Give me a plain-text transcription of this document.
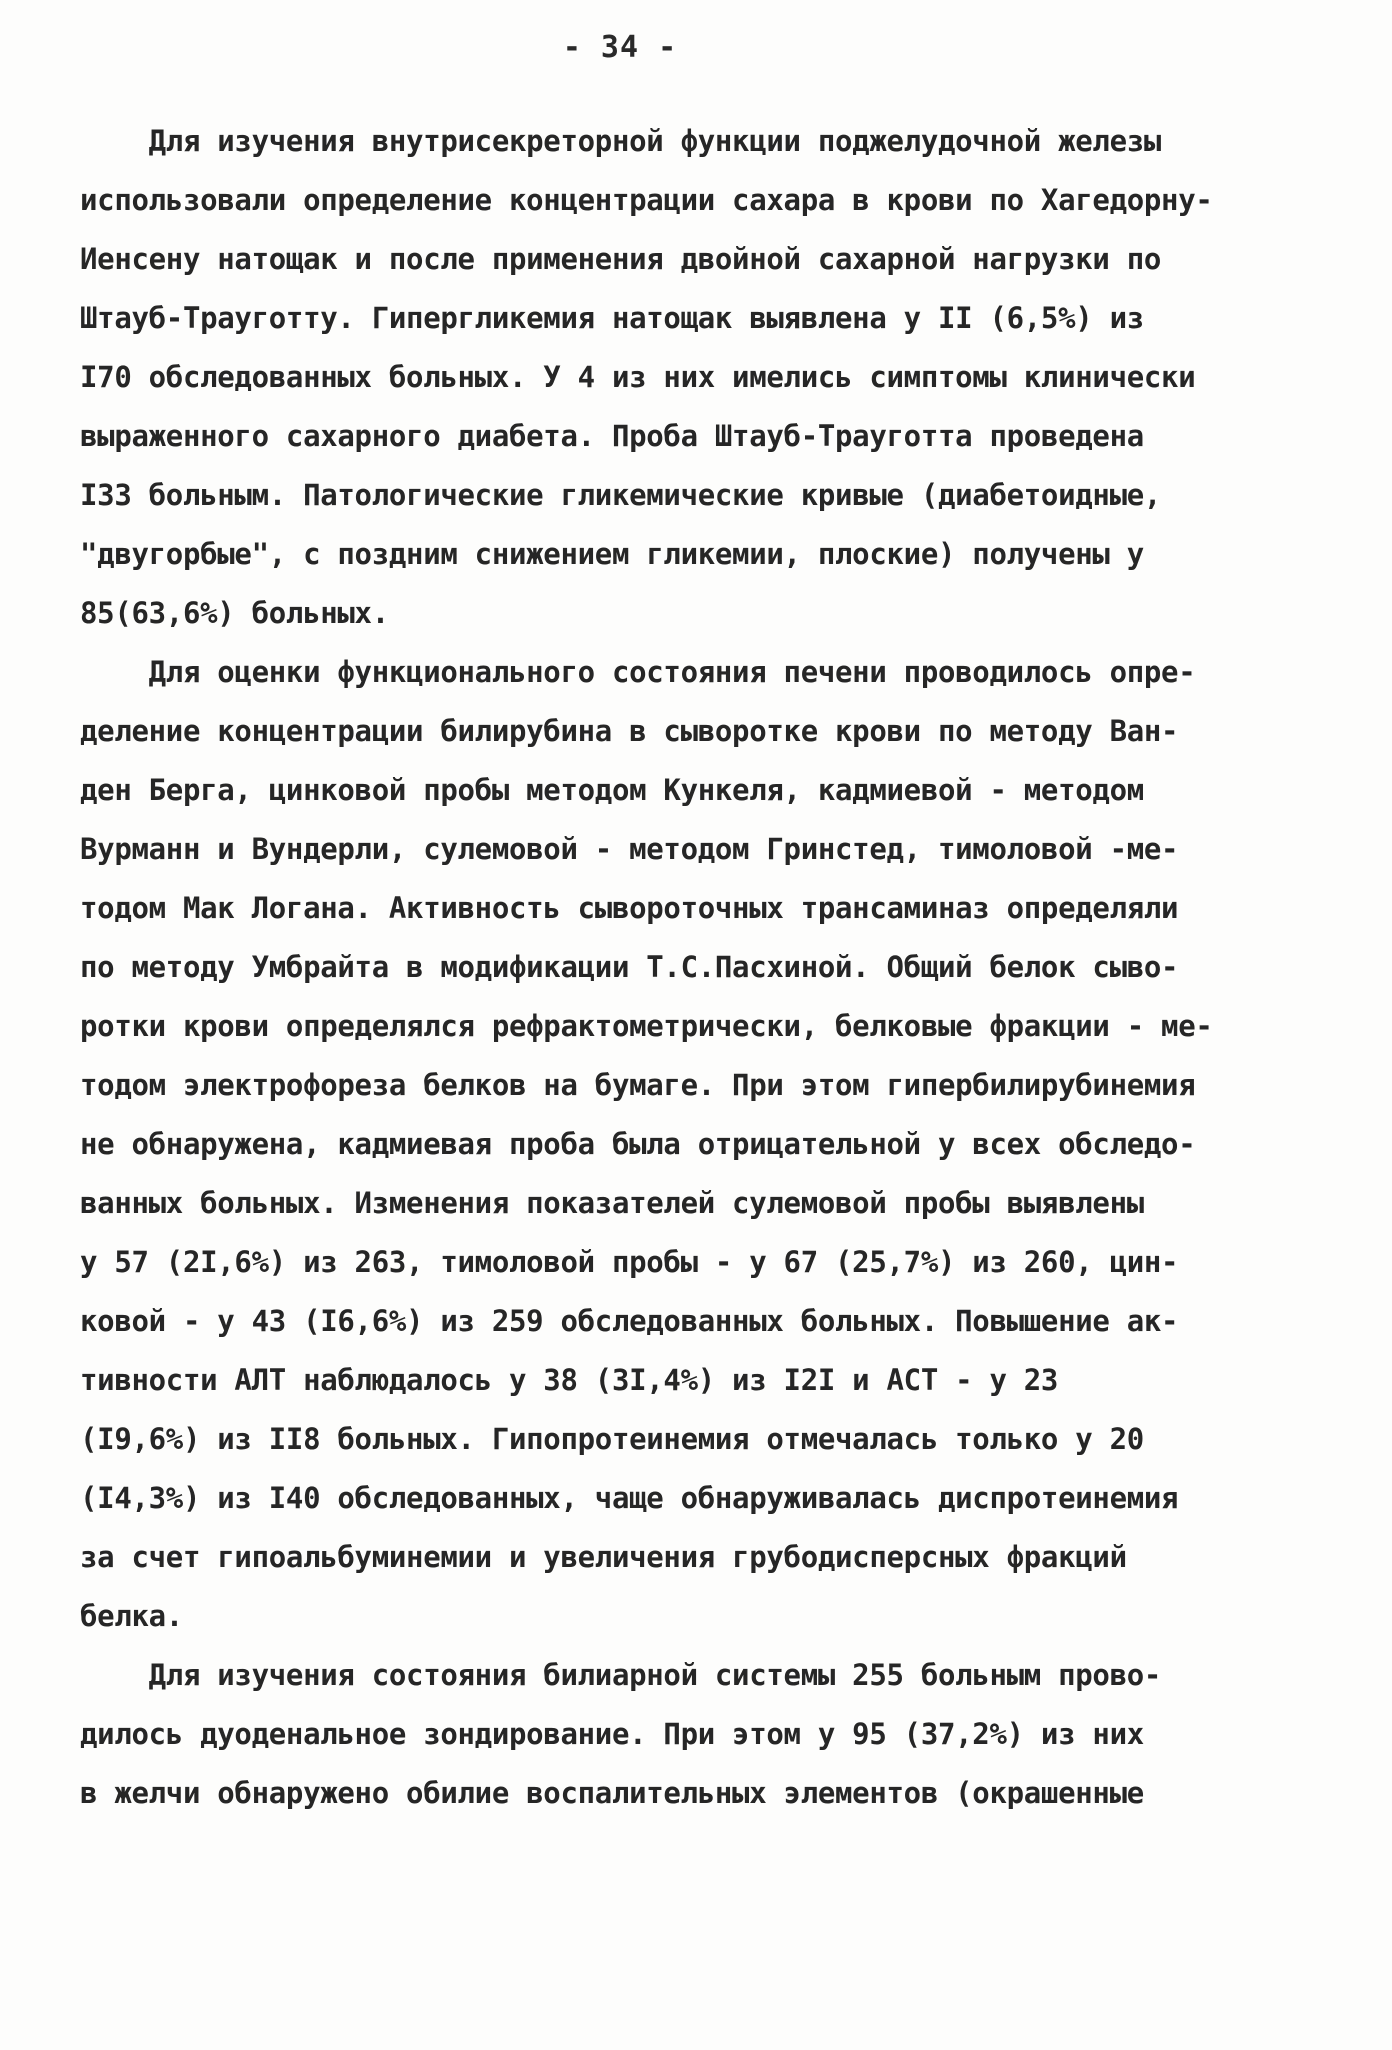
- 34 -
Для изучения внутрисекреторной функции поджелудочной железы
использовали определение концентрации сахара в крови по Хагедорну-
Иенсену натощак и после применения двойной сахарной нагрузки по
Штауб-Трауготту. Гипергликемия натощак выявлена у II (6,5%) из
I70 обследованных больных. У 4 из них имелись симптомы клинически
выраженного сахарного диабета. Проба Штауб-Трауготта проведена
I33 больным. Патологические гликемические кривые (диабетоидные,
"двугорбые", с поздним снижением гликемии, плоские) получены у
85(63,6%) больных.
Для оценки функционального состояния печени проводилось опре-
деление концентрации билирубина в сыворотке крови по методу Ван-
ден Берга, цинковой пробы методом Кункеля, кадмиевой - методом
Вурманн и Вундерли, сулемовой - методом Гринстед, тимоловой -ме-
тодом Мак Логана. Активность сывороточных трансаминаз определяли
по методу Умбрайта в модификации Т.С.Пасхиной. Общий белок сыво-
ротки крови определялся рефрактометрически, белковые фракции - ме-
тодом электрофореза белков на бумаге. При этом гипербилирубинемия
не обнаружена, кадмиевая проба была отрицательной у всех обследо-
ванных больных. Изменения показателей сулемовой пробы выявлены
у 57 (2I,6%) из 263, тимоловой пробы - у 67 (25,7%) из 260, цин-
ковой - у 43 (I6,6%) из 259 обследованных больных. Повышение ак-
тивности АЛТ наблюдалось у 38 (3I,4%) из I2I и АСТ - у 23
(I9,6%) из II8 больных. Гипопротеинемия отмечалась только у 20
(I4,3%) из I40 обследованных, чаще обнаруживалась диспротеинемия
за счет гипоальбуминемии и увеличения грубодисперсных фракций
белка.
Для изучения состояния билиарной системы 255 больным прово-
дилось дуоденальное зондирование. При этом у 95 (37,2%) из них
в желчи обнаружено обилие воспалительных элементов (окрашенные
